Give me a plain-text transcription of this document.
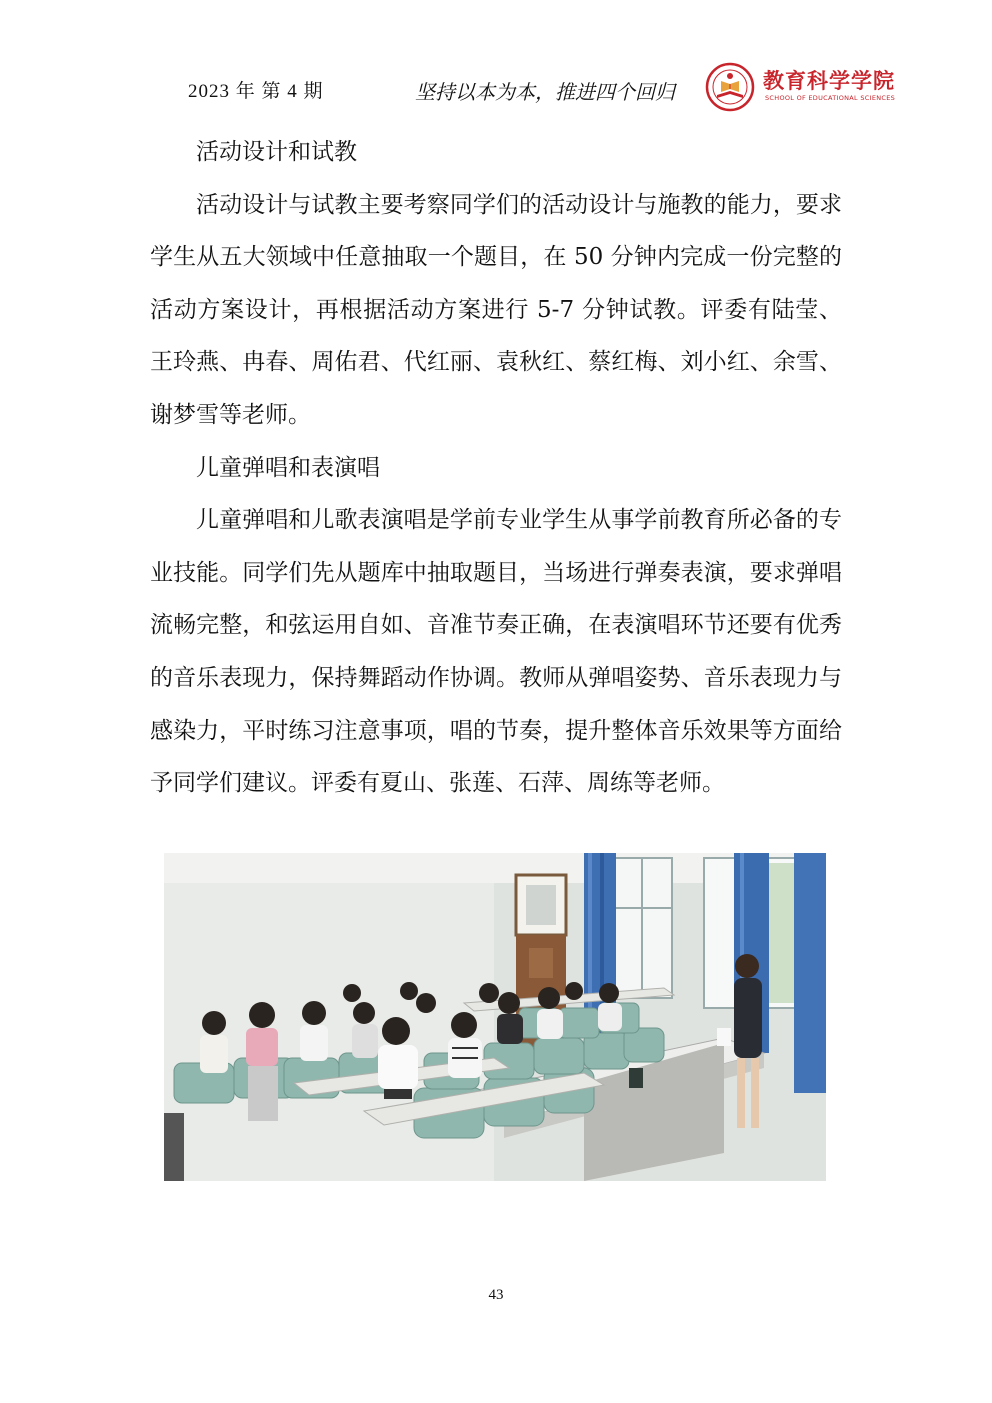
2023 年 第 4 期	坚持以本为本，推进四个回归	教育科学学院
SCHOOL OF EDUCATIONAL SCIENCES
活动设计和试教

活动设计与试教主要考察同学们的活动设计与施教的能力，要求学生从五大领域中任意抽取一个题目，在 50 分钟内完成一份完整的活动方案设计，再根据活动方案进行 5-7 分钟试教。评委有陆莹、王玲燕、冉春、周佑君、代红丽、袁秋红、蔡红梅、刘小红、余雪、谢梦雪等老师。

儿童弹唱和表演唱

儿童弹唱和儿歌表演唱是学前专业学生从事学前教育所必备的专业技能。同学们先从题库中抽取题目，当场进行弹奏表演，要求弹唱流畅完整，和弦运用自如、音准节奏正确，在表演唱环节还要有优秀的音乐表现力，保持舞蹈动作协调。教师从弹唱姿势、音乐表现力与感染力，平时练习注意事项，唱的节奏，提升整体音乐效果等方面给予同学们建议。评委有夏山、张莲、石萍、周练等老师。

43
